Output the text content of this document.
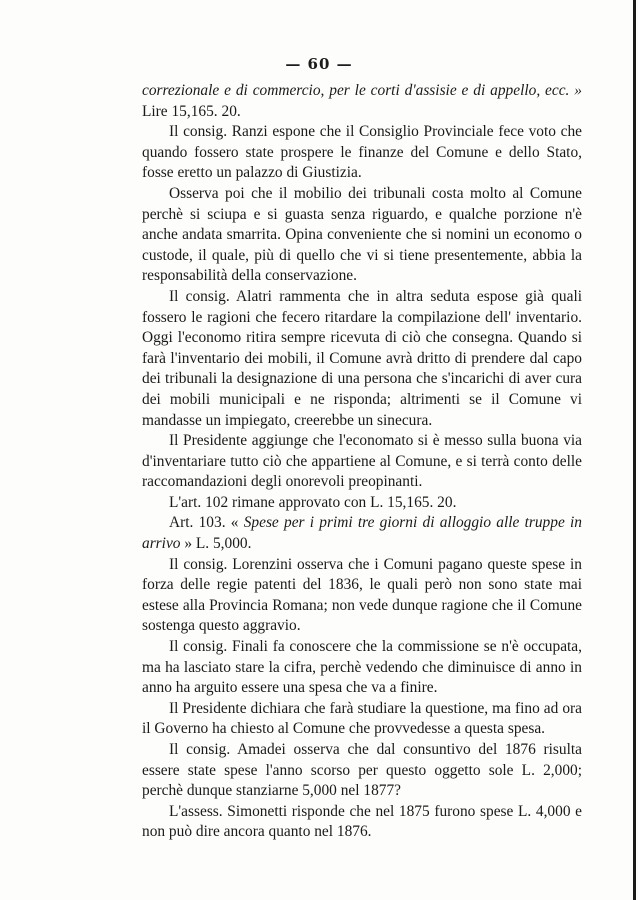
— 60 —

correzionale e di commercio, per le corti d'assisie e di appello, ecc. » Lire 15,165. 20.

Il consig. Ranzi espone che il Consiglio Provinciale fece voto che quando fossero state prospere le finanze del Comune e dello Stato, fosse eretto un palazzo di Giustizia.

Osserva poi che il mobilio dei tribunali costa molto al Comune perchè si sciupa e si guasta senza riguardo, e qualche porzione n'è anche andata smarrita. Opina conveniente che si nomini un economo o custode, il quale, più di quello che vi si tiene presentemente, abbia la responsabilità della conservazione.

Il consig. Alatri rammenta che in altra seduta espose già quali fossero le ragioni che fecero ritardare la compilazione dell' inventario. Oggi l'economo ritira sempre ricevuta di ciò che consegna. Quando si farà l'inventario dei mobili, il Comune avrà dritto di prendere dal capo dei tribunali la designazione di una persona che s'incarichi di aver cura dei mobili municipali e ne risponda; altrimenti se il Comune vi mandasse un impiegato, creerebbe un sinecura.

Il Presidente aggiunge che l'economato si è messo sulla buona via d'inventariare tutto ciò che appartiene al Comune, e si terrà conto delle raccomandazioni degli onorevoli preopinanti.

L'art. 102 rimane approvato con L. 15,165. 20.

Art. 103. « Spese per i primi tre giorni di alloggio alle truppe in arrivo » L. 5,000.

Il consig. Lorenzini osserva che i Comuni pagano queste spese in forza delle regie patenti del 1836, le quali però non sono state mai estese alla Provincia Romana; non vede dunque ragione che il Comune sostenga questo aggravio.

Il consig. Finali fa conoscere che la commissione se n'è occupata, ma ha lasciato stare la cifra, perchè vedendo che diminuisce di anno in anno ha arguito essere una spesa che va a finire.

Il Presidente dichiara che farà studiare la questione, ma fino ad ora il Governo ha chiesto al Comune che provvedesse a questa spesa.

Il consig. Amadei osserva che dal consuntivo del 1876 risulta essere state spese l'anno scorso per questo oggetto sole L. 2,000; perchè dunque stanziarne 5,000 nel 1877?

L'assess. Simonetti risponde che nel 1875 furono spese L. 4,000 e non può dire ancora quanto nel 1876.
